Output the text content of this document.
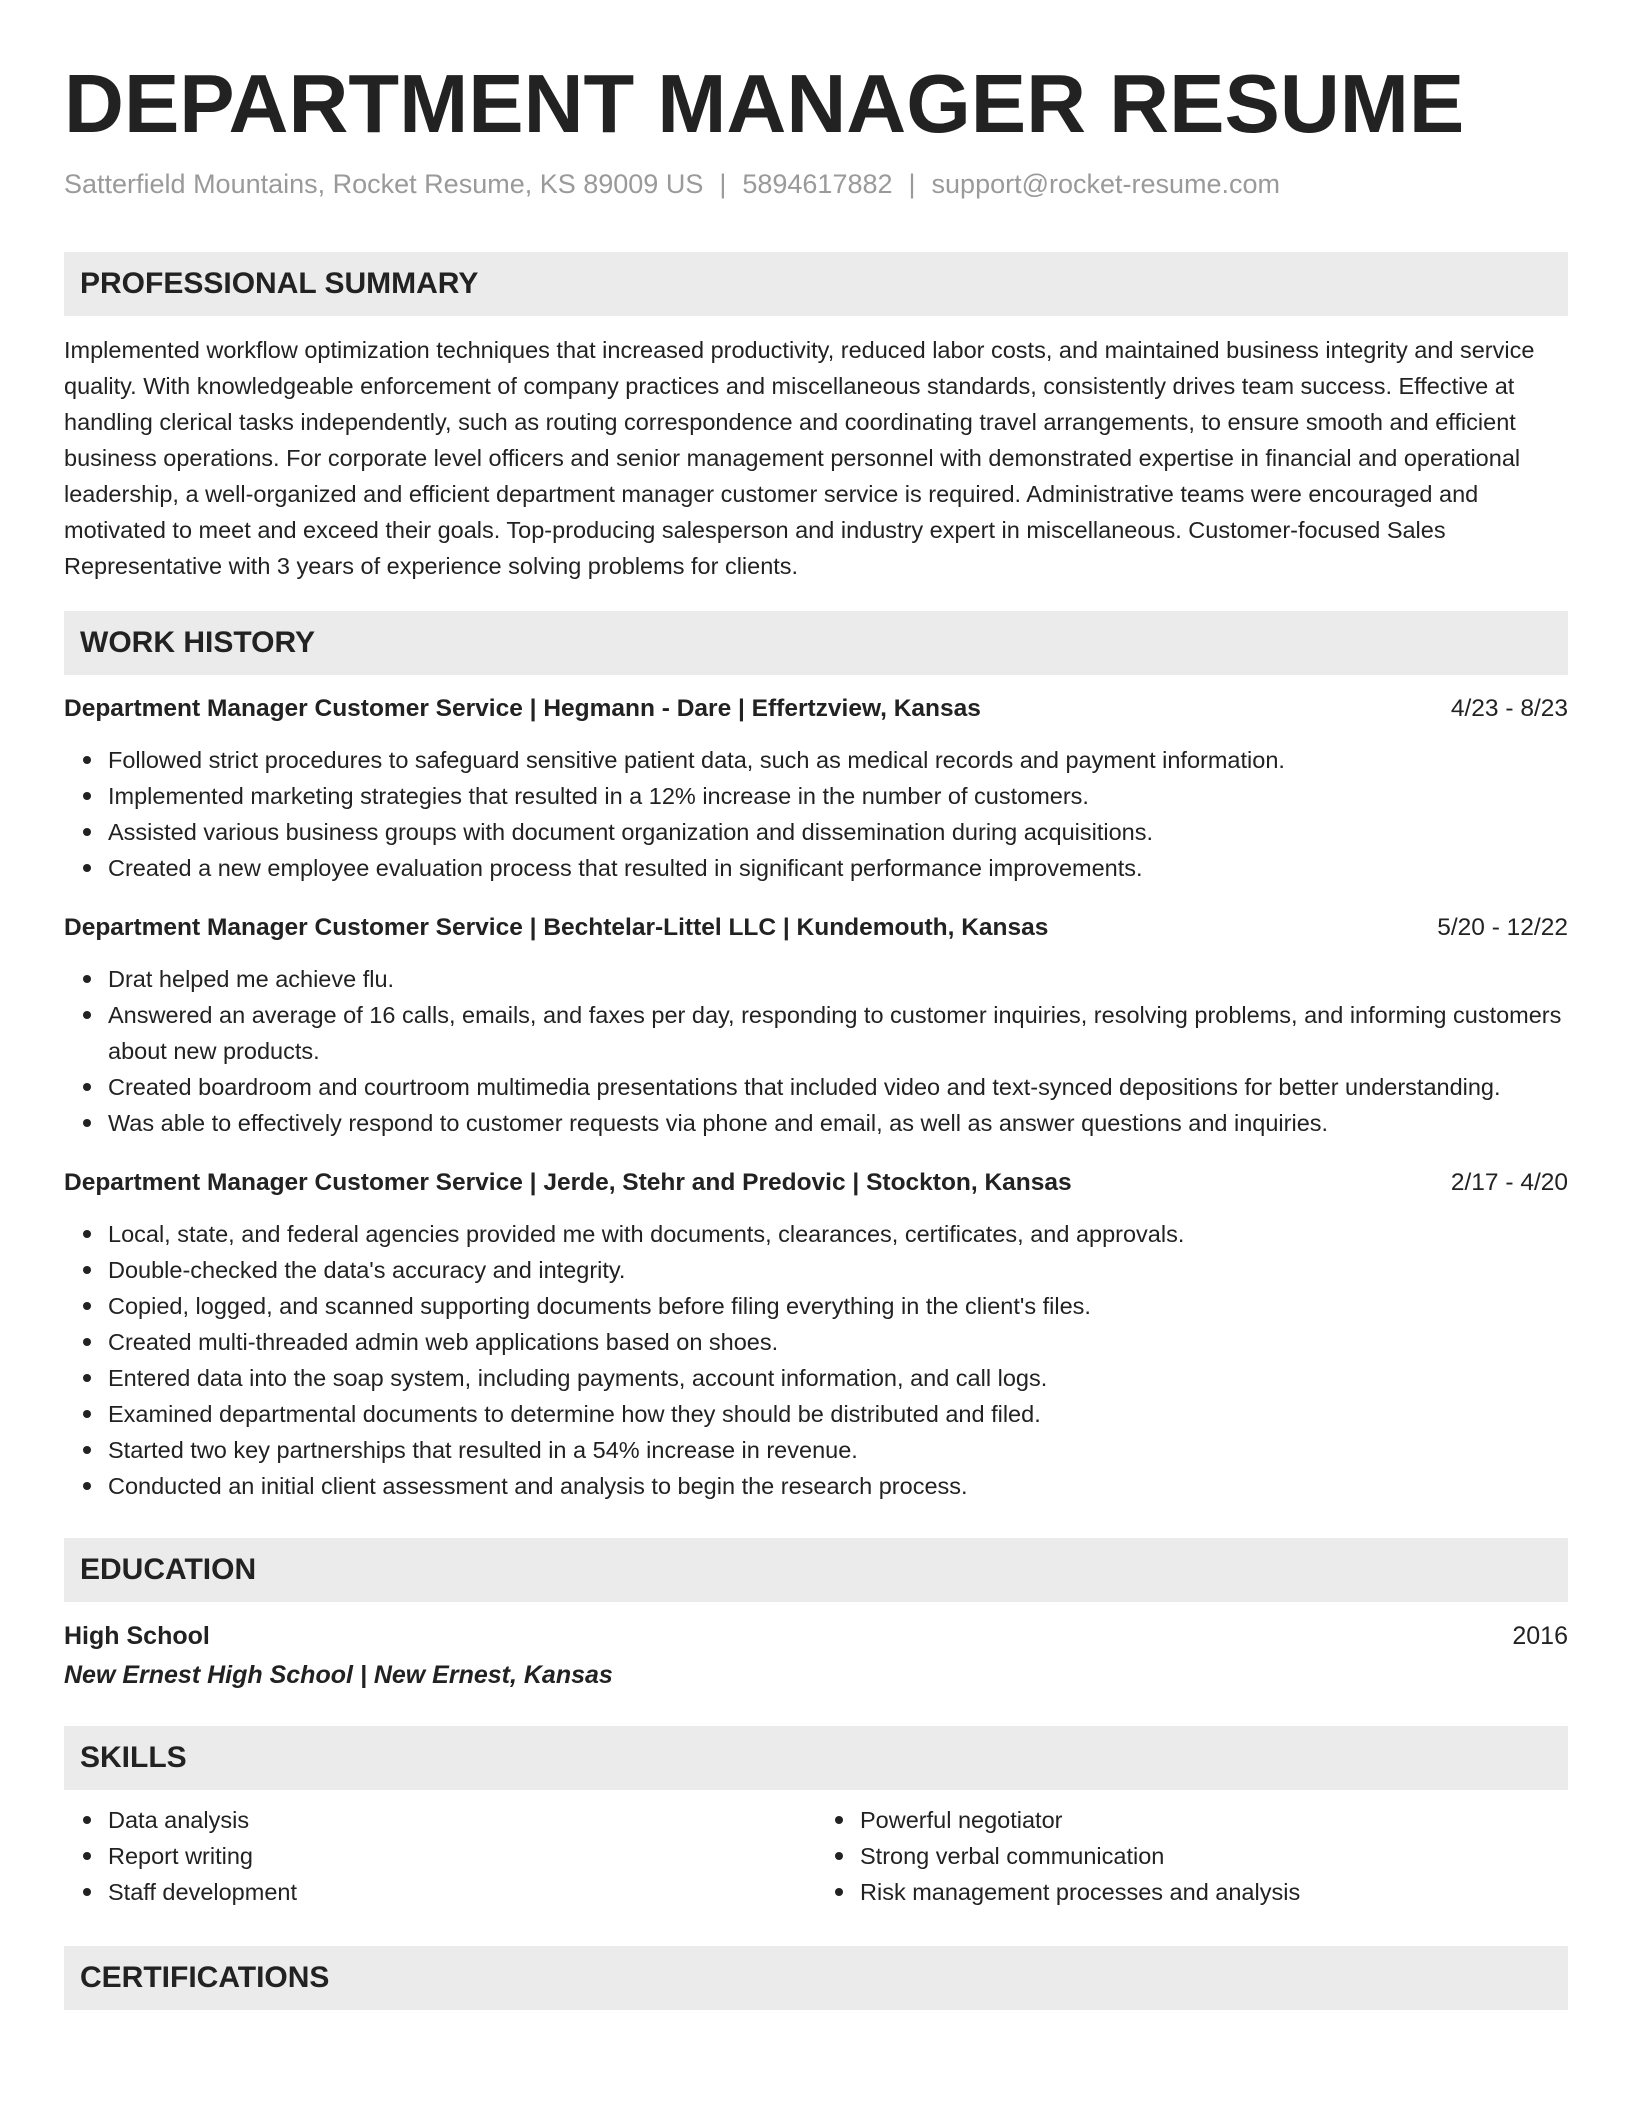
DEPARTMENT MANAGER RESUME
Satterfield Mountains, Rocket Resume, KS 89009 US | 5894617882 | support@rocket-resume.com
PROFESSIONAL SUMMARY
Implemented workflow optimization techniques that increased productivity, reduced labor costs, and maintained business integrity and service quality. With knowledgeable enforcement of company practices and miscellaneous standards, consistently drives team success. Effective at handling clerical tasks independently, such as routing correspondence and coordinating travel arrangements, to ensure smooth and efficient business operations. For corporate level officers and senior management personnel with demonstrated expertise in financial and operational leadership, a well-organized and efficient department manager customer service is required. Administrative teams were encouraged and motivated to meet and exceed their goals. Top-producing salesperson and industry expert in miscellaneous. Customer-focused Sales Representative with 3 years of experience solving problems for clients.
WORK HISTORY
Department Manager Customer Service | Hegmann - Dare | Effertzview, Kansas	4/23 - 8/23
Followed strict procedures to safeguard sensitive patient data, such as medical records and payment information.
Implemented marketing strategies that resulted in a 12% increase in the number of customers.
Assisted various business groups with document organization and dissemination during acquisitions.
Created a new employee evaluation process that resulted in significant performance improvements.
Department Manager Customer Service | Bechtelar-Littel LLC | Kundemouth, Kansas	5/20 - 12/22
Drat helped me achieve flu.
Answered an average of 16 calls, emails, and faxes per day, responding to customer inquiries, resolving problems, and informing customers about new products.
Created boardroom and courtroom multimedia presentations that included video and text-synced depositions for better understanding.
Was able to effectively respond to customer requests via phone and email, as well as answer questions and inquiries.
Department Manager Customer Service | Jerde, Stehr and Predovic | Stockton, Kansas	2/17 - 4/20
Local, state, and federal agencies provided me with documents, clearances, certificates, and approvals.
Double-checked the data's accuracy and integrity.
Copied, logged, and scanned supporting documents before filing everything in the client's files.
Created multi-threaded admin web applications based on shoes.
Entered data into the soap system, including payments, account information, and call logs.
Examined departmental documents to determine how they should be distributed and filed.
Started two key partnerships that resulted in a 54% increase in revenue.
Conducted an initial client assessment and analysis to begin the research process.
EDUCATION
High School	2016
New Ernest High School | New Ernest, Kansas
SKILLS
Data analysis
Report writing
Staff development
Powerful negotiator
Strong verbal communication
Risk management processes and analysis
CERTIFICATIONS
